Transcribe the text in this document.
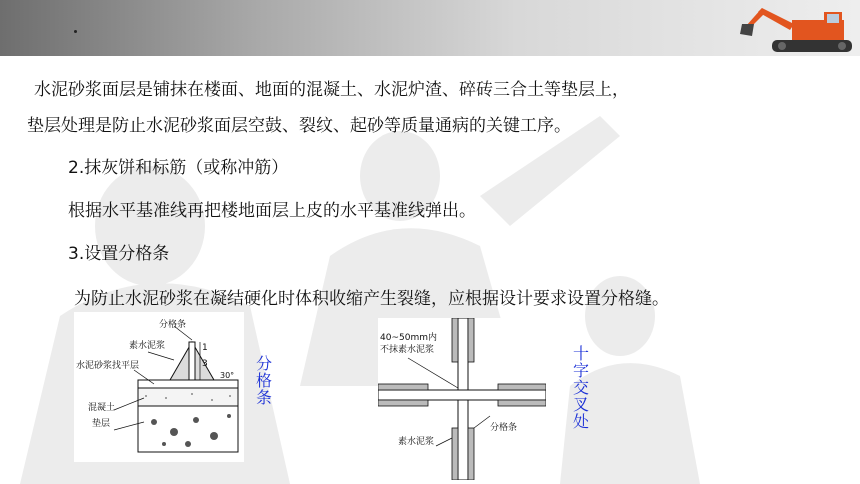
水泥砂浆面层是铺抹在楼面、地面的混凝土、水泥炉渣、碎砖三合土等垫层上，
垫层处理是防止水泥砂浆面层空鼓、裂纹、起砂等质量通病的关键工序。
2.抹灰饼和标筋（或称冲筋）
根据水平基准线再把楼地面层上皮的水平基准线弹出。
3.设置分格条
为防止水泥砂浆在凝结硬化时体积收缩产生裂缝，应根据设计要求设置分格缝。
分格条
素水泥浆
水泥砂浆找平层
混凝土
垫层
1
3
30°
分格条
40~50mm内
不抹素水泥浆
素水泥浆
分格条
十字交叉处
